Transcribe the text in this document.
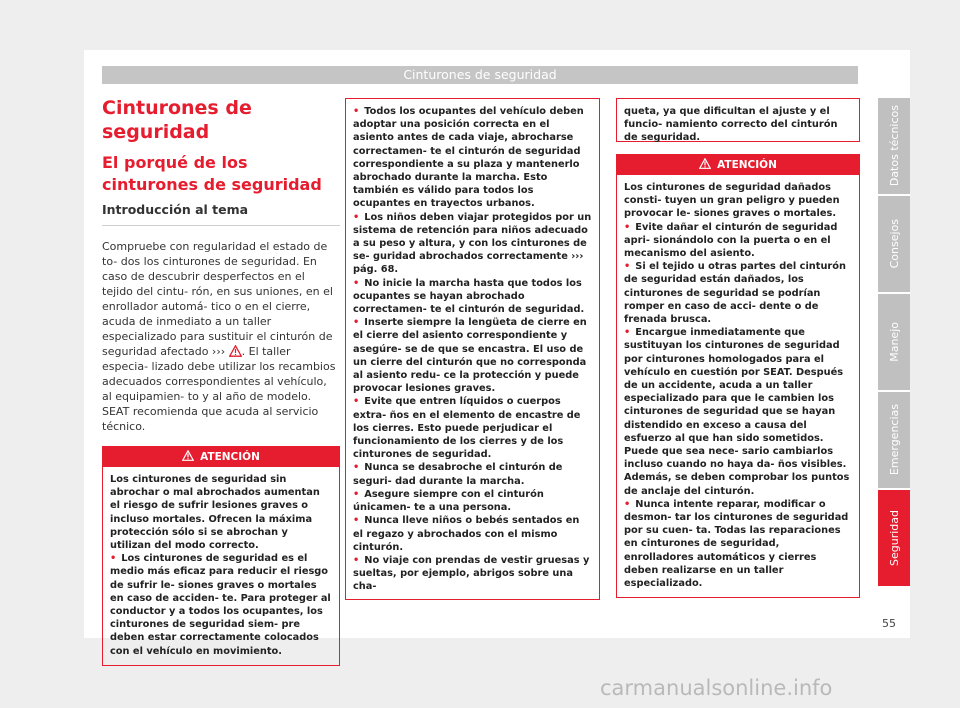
Cinturones de seguridad
Cinturones de seguridad
El porqué de los cinturones de seguridad
Introducción al tema

Compruebe con regularidad el estado de to- dos los cinturones de seguridad. En caso de descubrir desperfectos en el tejido del cintu- rón, en sus uniones, en el enrollador automá- tico o en el cierre, acuda de inmediato a un taller especializado para sustituir el cinturón de seguridad afectado ››› . El taller especia- lizado debe utilizar los recambios adecuados correspondientes al vehículo, al equipamien- to y al año de modelo. SEAT recomienda que acuda al servicio técnico.

ATENCIÓN

Los cinturones de seguridad sin abrochar o mal abrochados aumentan el riesgo de sufrir lesiones graves o incluso mortales. Ofrecen la máxima protección sólo si se abrochan y utilizan del modo correcto.

• Los cinturones de seguridad es el medio más eficaz para reducir el riesgo de sufrir le- siones graves o mortales en caso de acciden- te. Para proteger al conductor y a todos los ocupantes, los cinturones de seguridad siem- pre deben estar correctamente colocados con el vehículo en movimiento.

• Todos los ocupantes del vehículo deben adoptar una posición correcta en el asiento antes de cada viaje, abrocharse correctamen- te el cinturón de seguridad correspondiente a su plaza y mantenerlo abrochado durante la marcha. Esto también es válido para todos los ocupantes en trayectos urbanos.

• Los niños deben viajar protegidos por un sistema de retención para niños adecuado a su peso y altura, y con los cinturones de se- guridad abrochados correctamente ››› pág. 68.

• No inicie la marcha hasta que todos los ocupantes se hayan abrochado correctamen- te el cinturón de seguridad.

• Inserte siempre la lengüeta de cierre en el cierre del asiento correspondiente y asegúre- se de que se encastra. El uso de un cierre del cinturón que no corresponda al asiento redu- ce la protección y puede provocar lesiones graves.

• Evite que entren líquidos o cuerpos extra- ños en el elemento de encastre de los cierres. Esto puede perjudicar el funcionamiento de los cierres y de los cinturones de seguridad.

• Nunca se desabroche el cinturón de seguri- dad durante la marcha.

• Asegure siempre con el cinturón únicamen- te a una persona.

• Nunca lleve niños o bebés sentados en el regazo y abrochados con el mismo cinturón.

• No viaje con prendas de vestir gruesas y sueltas, por ejemplo, abrigos sobre una cha-

queta, ya que dificultan el ajuste y el funcio- namiento correcto del cinturón de seguridad.

ATENCIÓN

Los cinturones de seguridad dañados consti- tuyen un gran peligro y pueden provocar le- siones graves o mortales.

• Evite dañar el cinturón de seguridad apri- sionándolo con la puerta o en el mecanismo del asiento.

• Si el tejido u otras partes del cinturón de seguridad están dañados, los cinturones de seguridad se podrían romper en caso de acci- dente o de frenada brusca.

• Encargue inmediatamente que sustituyan los cinturones de seguridad por cinturones homologados para el vehículo en cuestión por SEAT. Después de un accidente, acuda a un taller especializado para que le cambien los cinturones de seguridad que se hayan distendido en exceso a causa del esfuerzo al que han sido sometidos. Puede que sea nece- sario cambiarlos incluso cuando no haya da- ños visibles. Además, se deben comprobar los puntos de anclaje del cinturón.

• Nunca intente reparar, modificar o desmon- tar los cinturones de seguridad por su cuen- ta. Todas las reparaciones en cinturones de seguridad, enrolladores automáticos y cierres deben realizarse en un taller especializado.

Datos técnicos
Consejos
Manejo
Emergencias
Seguridad
55
carmanualsonline.info
